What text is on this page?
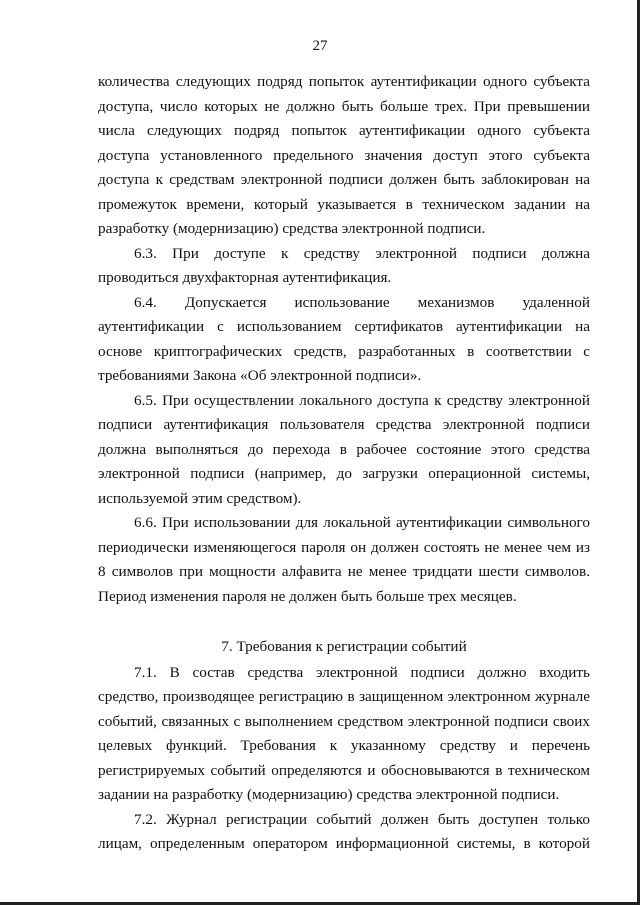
27

количества следующих подряд попыток аутентификации одного субъекта доступа, число которых не должно быть больше трех. При превышении числа следующих подряд попыток аутентификации одного субъекта доступа установленного предельного значения доступ этого субъекта доступа к средствам электронной подписи должен быть заблокирован на промежуток времени, который указывается в техническом задании на разработку (модернизацию) средства электронной подписи.

6.3. При доступе к средству электронной подписи должна проводиться двухфакторная аутентификация.

6.4. Допускается использование механизмов удаленной аутентификации с использованием сертификатов аутентификации на основе криптографических средств, разработанных в соответствии с требованиями Закона «Об электронной подписи».

6.5. При осуществлении локального доступа к средству электронной подписи аутентификация пользователя средства электронной подписи должна выполняться до перехода в рабочее состояние этого средства электронной подписи (например, до загрузки операционной системы, используемой этим средством).

6.6. При использовании для локальной аутентификации символьного периодически изменяющегося пароля он должен состоять не менее чем из 8 символов при мощности алфавита не менее тридцати шести символов. Период изменения пароля не должен быть больше трех месяцев.

7. Требования к регистрации событий

7.1. В состав средства электронной подписи должно входить средство, производящее регистрацию в защищенном электронном журнале событий, связанных с выполнением средством электронной подписи своих целевых функций. Требования к указанному средству и перечень регистрируемых событий определяются и обосновываются в техническом задании на разработку (модернизацию) средства электронной подписи.

7.2. Журнал регистрации событий должен быть доступен только лицам, определенным оператором информационной системы, в которой
